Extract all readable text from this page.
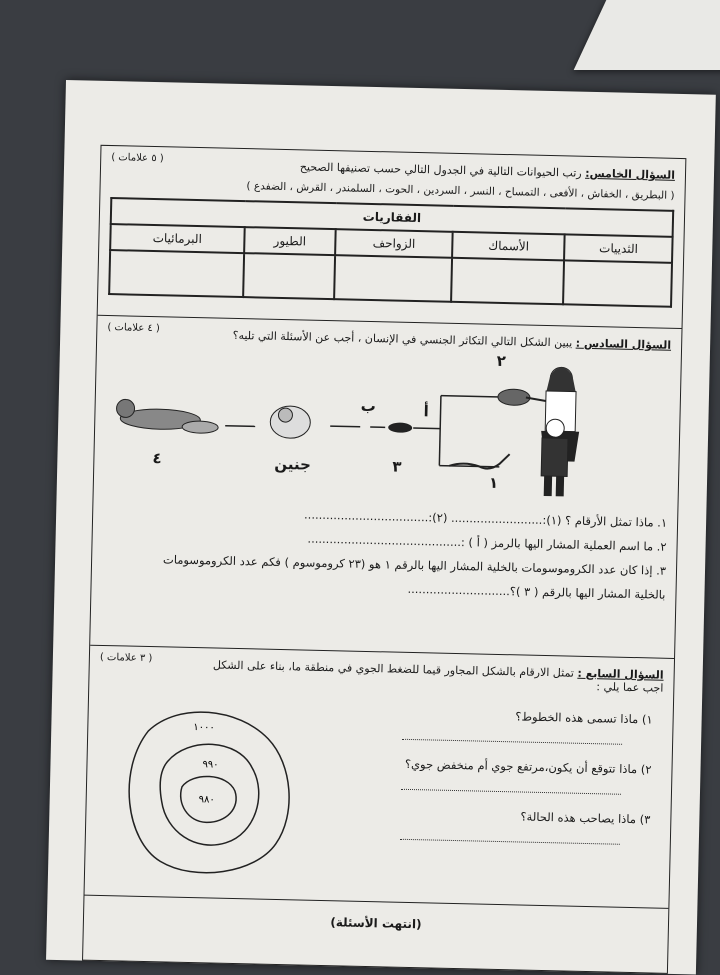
( ٥ علامات )
السؤال الخامس: رتب الحيوانات التالية في الجدول التالي حسب تصنيفها الصحيح
( البطريق ، الخفاش ، الأفعى ، التمساح ، النسر ، السردين ، الحوت ، السلمندر ، القرش ، الضفدع )
الفقاريات				
الثدييات	الأسماك	الزواحف	الطيور	البرمائيات

( ٤ علامات )
السؤال السادس : يبين الشكل التالي التكاثر الجنسي في الإنسان ، أجب عن الأسئلة التي تليه؟
٤	جنين	٣
ب	أ
٢
١
١. ماذا تمثل الأرقام ؟ (١):......................... (٢):..................................
٢. ما اسم العملية المشار اليها بالرمز ( أ ) :..........................................
٣. إذا كان عدد الكروموسومات بالخلية المشار اليها بالرقم ١ هو (٢٣ كروموسوم ) فكم عدد الكروموسومات
بالخلية المشار اليها بالرقم ( ٣ )؟............................
( ٣ علامات )
السؤال السابع : تمثل الارقام بالشكل المجاور قيما للضغط الجوي في منطقة ما، بناء على الشكل اجب عما يلي :
١٠٠٠
٩٩٠
٩٨٠
١) ماذا تسمى هذه الخطوط؟
٢) ماذا تتوقع أن يكون،مرتفع جوي أم منخفض جوي؟
٣) ماذا يصاحب هذه الحالة؟
(انتهت الأسئلة)
